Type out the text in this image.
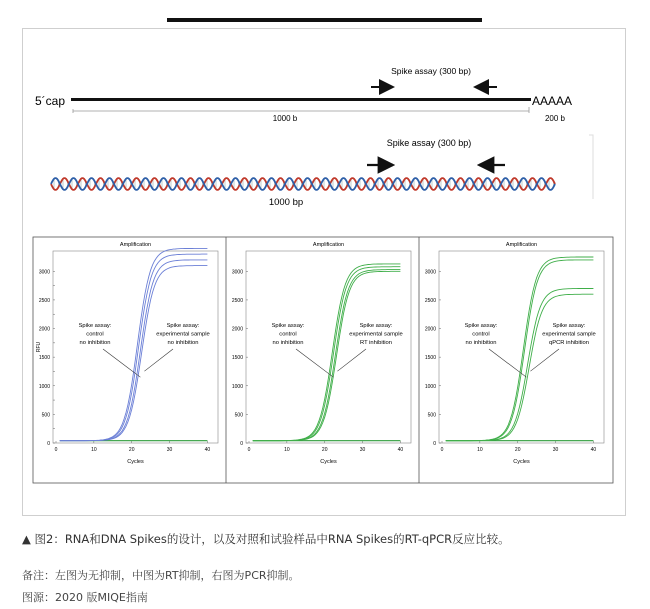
5´cap	AAAAA
1000 b	200 b
Spike assay (300 bp)
Spike assay (300 bp)
1000 bp
Amplification
0
500
1000
1500
2000
2500
3000
0	10	20	30	40
Cycles
RFU
Spike assay:
control
no inhibition
Spike assay:
experimental sample
no inhibition
Amplification
0
500
1000
1500
2000
2500
3000
0	10	20	30	40
Cycles
Spike assay:
control
no inhibition
Spike assay:
experimental sample
RT inhibition
Amplification
0
500
1000
1500
2000
2500
3000
0	10	20	30	40
Cycles
Spike assay:
control
no inhibition
Spike assay:
experimental sample
qPCR inhibition
▲ 图2：RNA和DNA Spikes的设计，以及对照和试验样品中RNA Spikes的RT-qPCR反应比较。
备注：左图为无抑制，中图为RT抑制，右图为PCR抑制。
图源：2020 版MIQE指南
